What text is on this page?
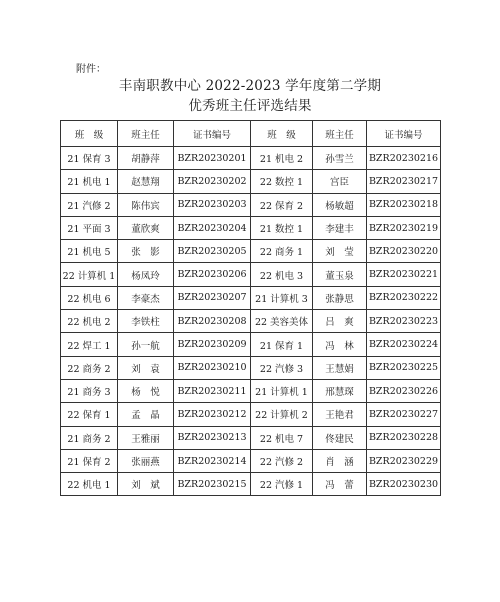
附件：
丰南职教中心 2022-2023 学年度第二学期
优秀班主任评选结果
班　级	班主任	证书编号	班　级	班主任	证书编号
21 保育 3	胡静萍	BZR20230201	21 机电 2	孙雪兰	BZR20230216
21 机电 1	赵慧翔	BZR20230202	22 数控 1	宫臣	BZR20230217
21 汽修 2	陈伟宾	BZR20230203	22 保育 2	杨敏超	BZR20230218
21 平面 3	董欣爽	BZR20230204	21 数控 1	李建丰	BZR20230219
21 机电 5	张　影	BZR20230205	22 商务 1	刘　莹	BZR20230220
22 计算机 1	杨凤玲	BZR20230206	22 机电 3	董玉泉	BZR20230221
22 机电 6	李豪杰	BZR20230207	21 计算机 3	张静思	BZR20230222
22 机电 2	李铁柱	BZR20230208	22 美容美体	吕　爽	BZR20230223
22 焊工 1	孙一航	BZR20230209	21 保育 1	冯　林	BZR20230224
22 商务 2	刘　袁	BZR20230210	22 汽修 3	王慧娟	BZR20230225
21 商务 3	杨　悦	BZR20230211	21 计算机 1	邢慧琛	BZR20230226
22 保育 1	孟　晶	BZR20230212	22 计算机 2	王艳君	BZR20230227
21 商务 2	王雅丽	BZR20230213	22 机电 7	佟建民	BZR20230228
21 保育 2	张丽燕	BZR20230214	22 汽修 2	肖　涵	BZR20230229
22 机电 1	刘　斌	BZR20230215	22 汽修 1	冯　蕾	BZR20230230
